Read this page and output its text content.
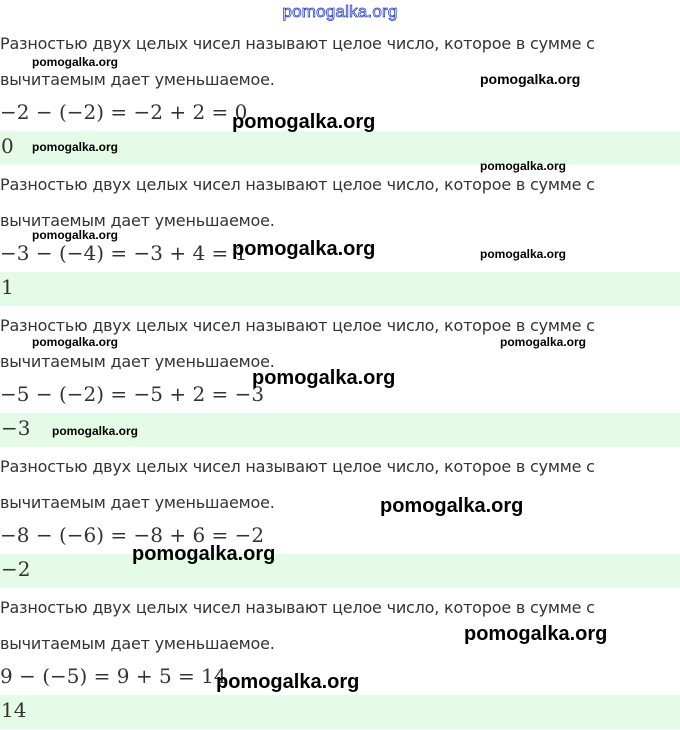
pomogalka.org
Разностью двух целых чисел называют целое число, которое в сумме с
вычитаемым дает уменьшаемое.
−2 − (−2) = −2 + 2 = 0
0
Разностью двух целых чисел называют целое число, которое в сумме с
вычитаемым дает уменьшаемое.
−3 − (−4) = −3 + 4 = 1
1
Разностью двух целых чисел называют целое число, которое в сумме с
вычитаемым дает уменьшаемое.
−5 − (−2) = −5 + 2 = −3
−3
Разностью двух целых чисел называют целое число, которое в сумме с
вычитаемым дает уменьшаемое.
−8 − (−6) = −8 + 6 = −2
−2
Разностью двух целых чисел называют целое число, которое в сумме с
вычитаемым дает уменьшаемое.
9 − (−5) = 9 + 5 = 14
14
pomogalka.org
pomogalka.org
pomogalka.org
pomogalka.org
pomogalka.org
pomogalka.org
pomogalka.org	pomogalka.org
pomogalka.org	pomogalka.org
pomogalka.org
pomogalka.org
pomogalka.org
pomogalka.org
pomogalka.org
pomogalka.org
